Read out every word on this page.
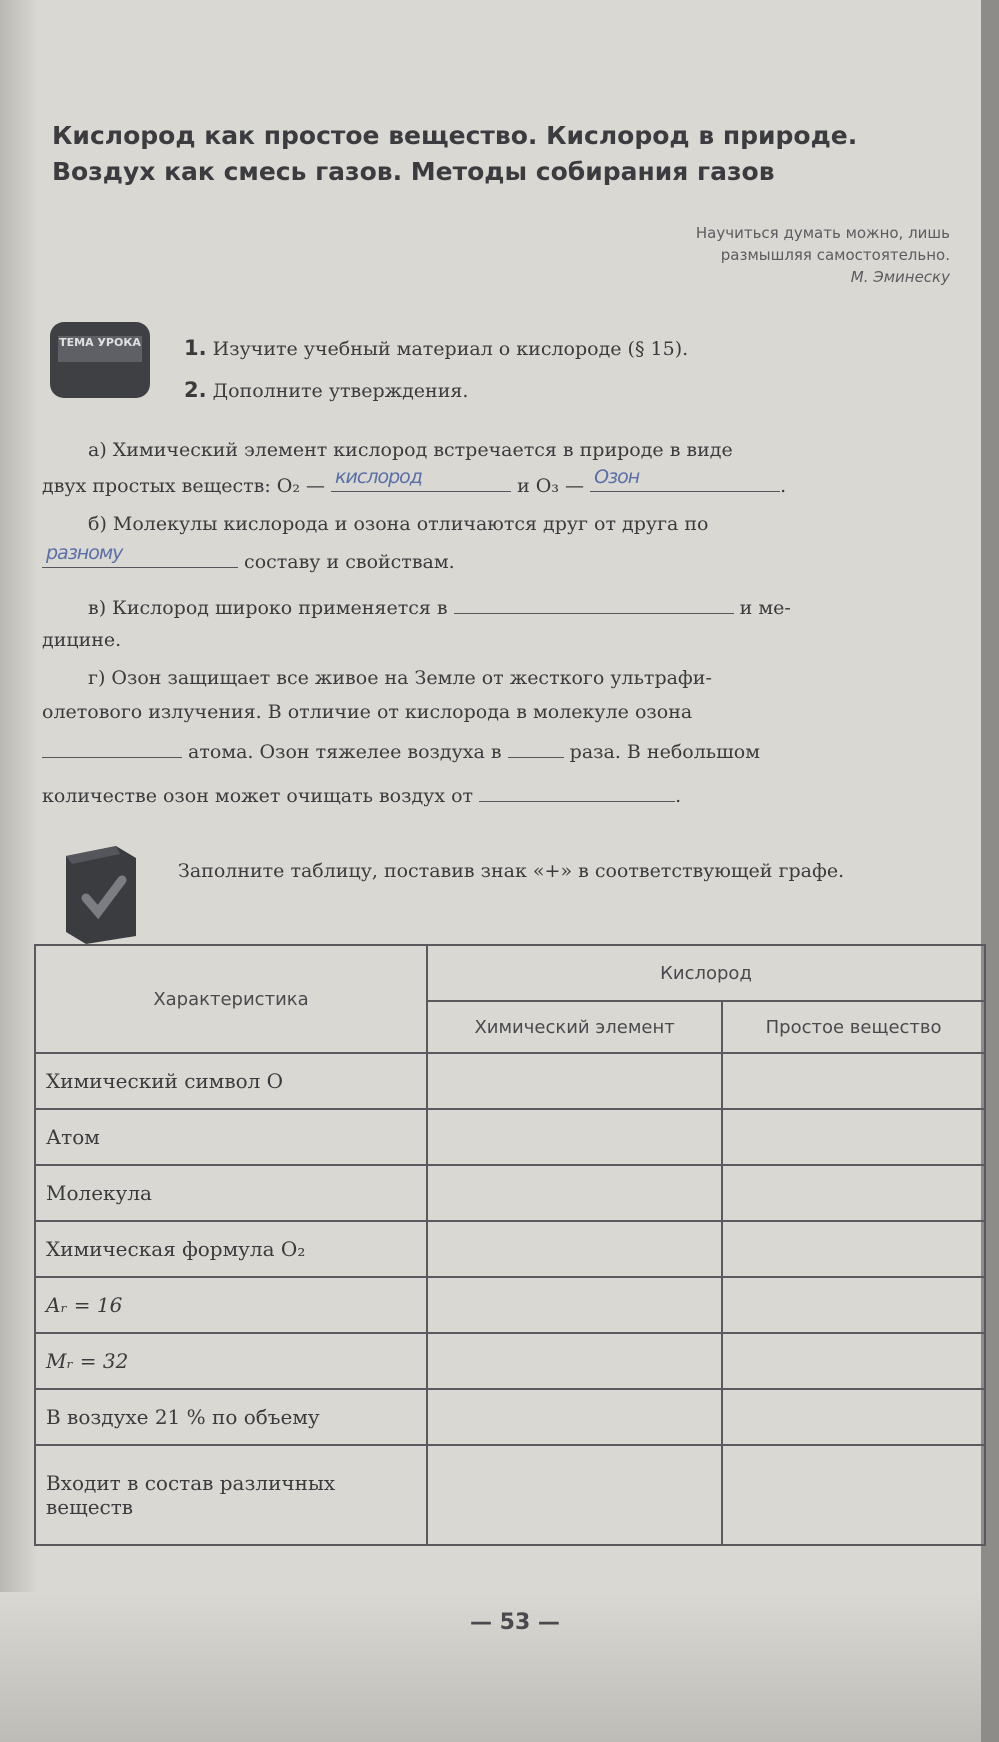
Кислород как простое вещество. Кислород в природе. Воздух как смесь газов. Методы собирания газов
Научиться думать можно, лишь
размышляя самостоятельно.
М. Эминеску
ТЕМА УРОКА	1. Изучите учебный материал о кислороде (§ 15).
2. Дополните утверждения.
а) Химический элемент кислород встречается в природе в виде
двух простых веществ: O₂ — кислород	и O₃ — Озон	.
б) Молекулы кислорода и озона отличаются друг от друга по
разному	составу и свойствам.
в) Кислород широко применяется в	и ме-
дицине.
г) Озон защищает все живое на Земле от жесткого ультрафи-
олетового излучения. В отличие от кислорода в молекуле озона
атома. Озон тяжелее воздуха в	раза. В небольшом
количестве озон может очищать воздух от	.
Заполните таблицу, поставив знак «+» в соответствующей графе.
Характеристика	Кислород	
	Химический элемент	Простое вещество
Химический символ O		
Атом		
Молекула		
Химическая формула O₂		
Aᵣ = 16		
Mᵣ = 32		
В воздухе 21 % по объему		
Входит в состав различных веществ		
— 53 —
